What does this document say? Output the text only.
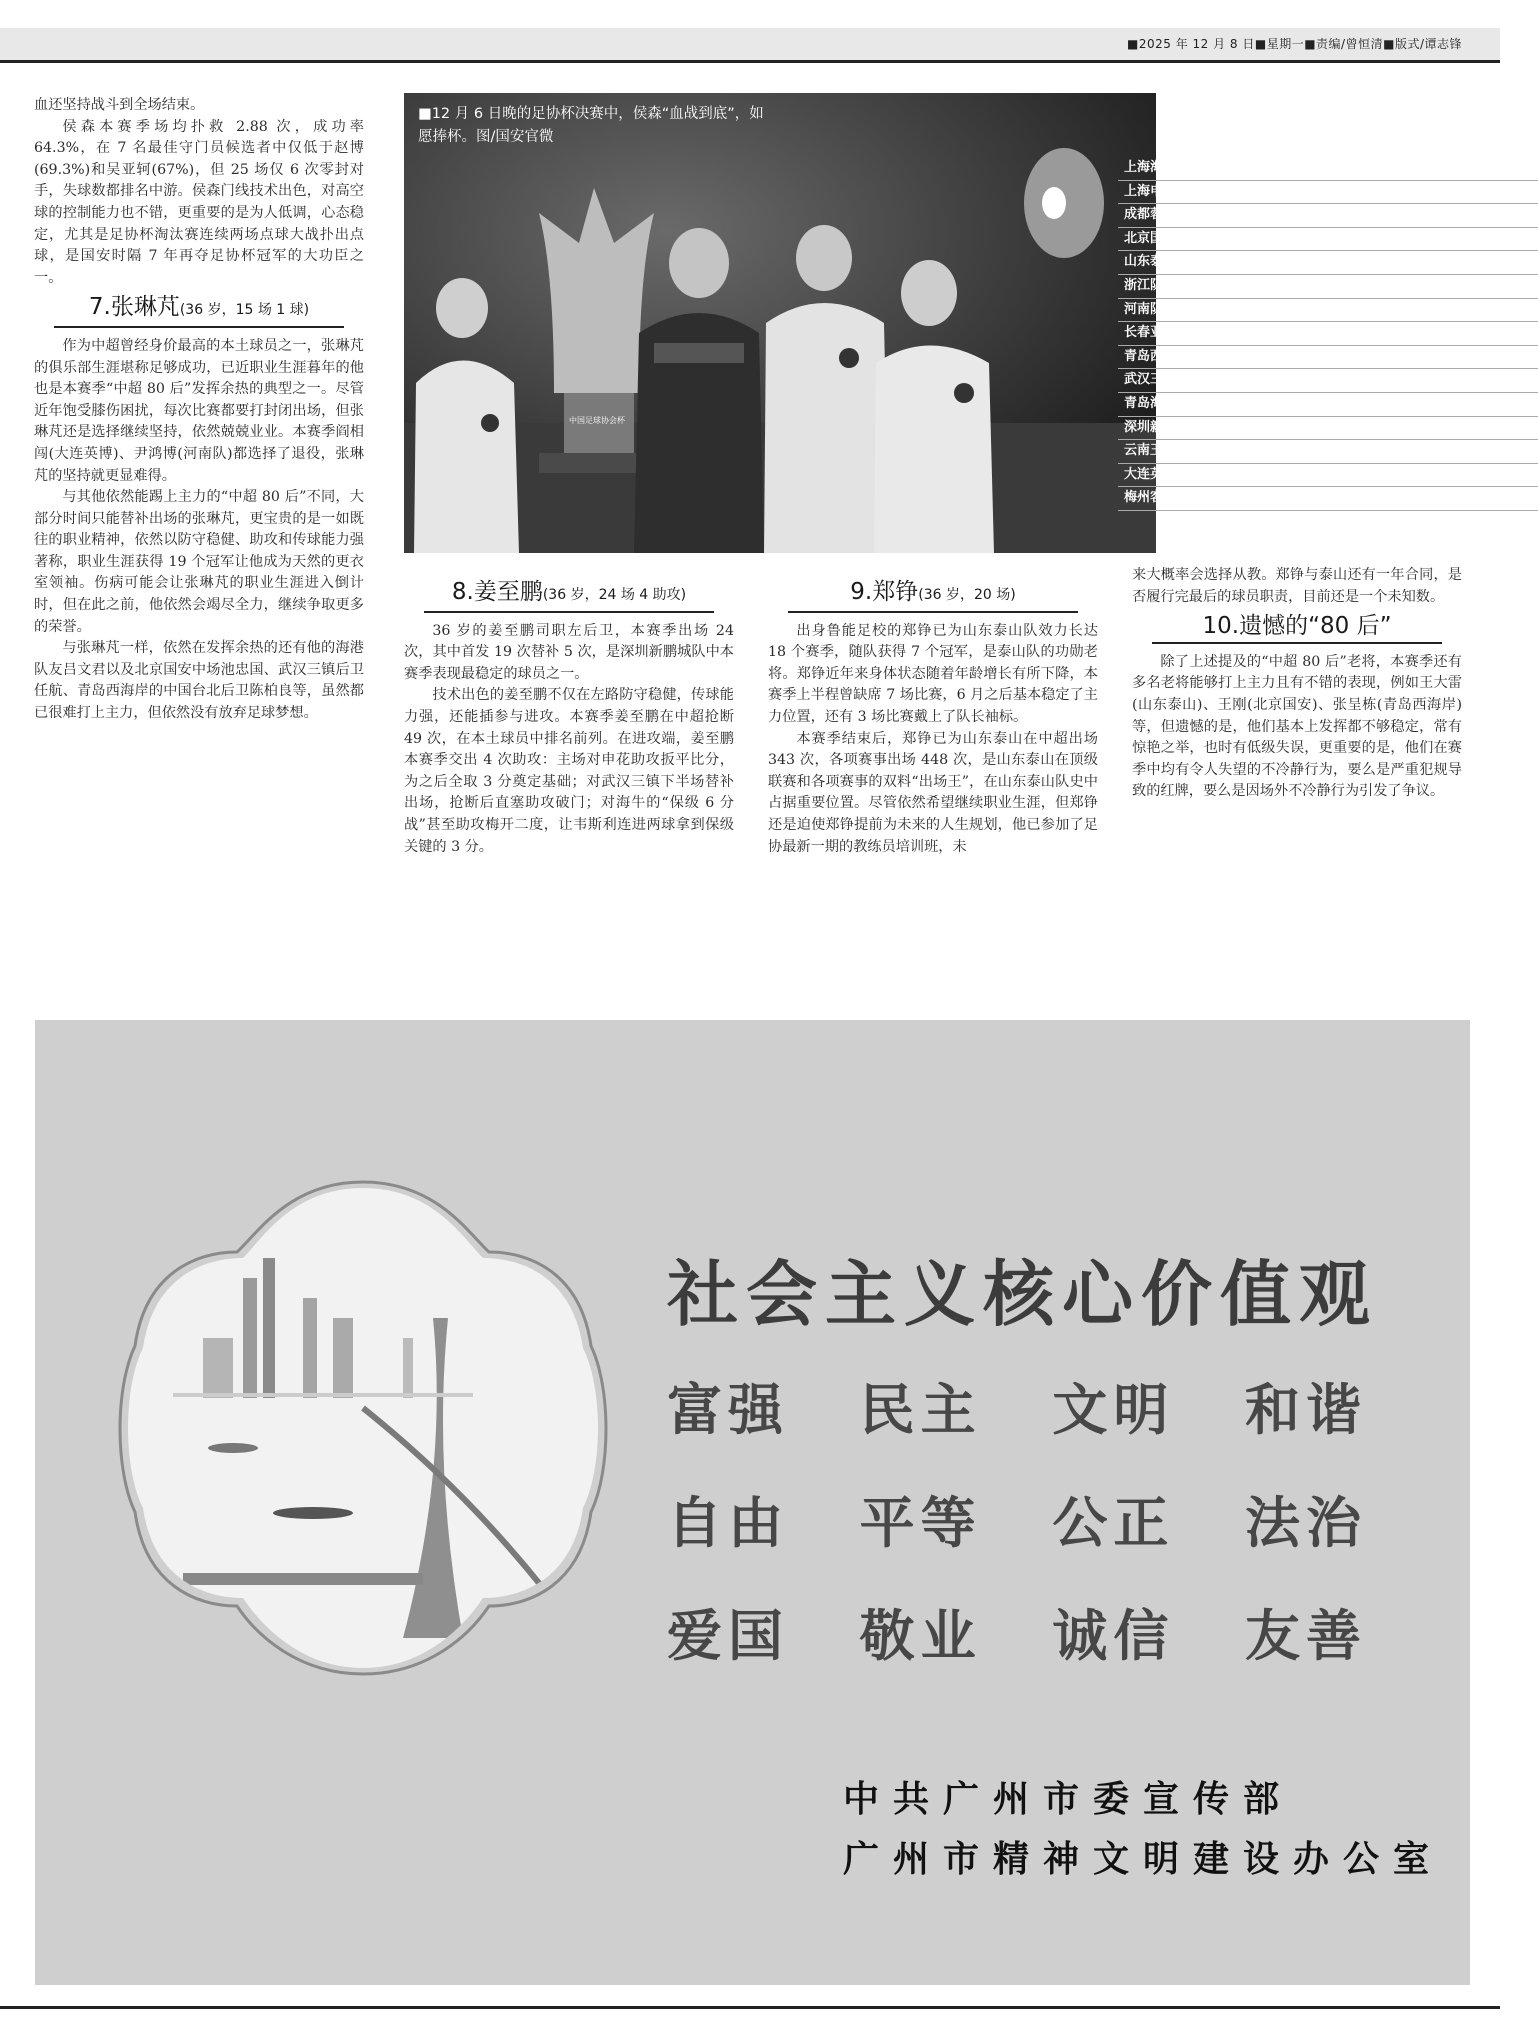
■2025 年 12 月 8 日■星期一■责编/曾恒清■版式/谭志锋

血还坚持战斗到全场结束。

侯森本赛季场均扑救 2.88 次，成功率 64.3%，在 7 名最佳守门员候选者中仅低于赵博(69.3%)和吴亚轲(67%)，但 25 场仅 6 次零封对手，失球数都排名中游。侯森门线技术出色，对高空球的控制能力也不错，更重要的是为人低调，心态稳定，尤其是足协杯淘汰赛连续两场点球大战扑出点球，是国安时隔 7 年再夺足协杯冠军的大功臣之一。

7.张琳芃(36 岁，15 场 1 球)

作为中超曾经身价最高的本土球员之一，张琳芃的俱乐部生涯堪称足够成功，已近职业生涯暮年的他也是本赛季“中超 80 后”发挥余热的典型之一。尽管近年饱受膝伤困扰，每次比赛都要打封闭出场，但张琳芃还是选择继续坚持，依然兢兢业业。本赛季阎相闯(大连英博)、尹鸿博(河南队)都选择了退役，张琳芃的坚持就更显难得。

与其他依然能踢上主力的“中超 80 后”不同，大部分时间只能替补出场的张琳芃，更宝贵的是一如既往的职业精神，依然以防守稳健、助攻和传球能力强著称，职业生涯获得 19 个冠军让他成为天然的更衣室领袖。伤病可能会让张琳芃的职业生涯进入倒计时，但在此之前，他依然会竭尽全力，继续争取更多的荣誉。

与张琳芃一样，依然在发挥余热的还有他的海港队友吕文君以及北京国安中场池忠国、武汉三镇后卫任航、青岛西海岸的中国台北后卫陈柏良等，虽然都已很难打上主力，但依然没有放弃足球梦想。

中国足球协会杯
■12 月 6 日晚的足协杯决赛中，侯森“血战到底”，如愿捧杯。图/国安官微
2025 赛季“中超 80 后”名录
(姓名后为年龄)
上海海港：王燊超，36；张琳芃，36；吕文君，36
上海申花：吴曦，36；于汉超，38
成都蓉城：冯卓毅，36
北京国安：池忠国，36；侯森，36；王刚，36
山东泰山：郑铮，36；张弛，38；王大雷，36
浙江队：李提香，36
河南队：尹鸿博，36
长春亚泰：谭龙，37
青岛西海岸：赵宏略，36；陈柏良，37；张呈栋，36
武汉三镇：邵镁亮，36；任航，36
青岛海牛：宋龙，36；郑龙，37，牟鹏飞，36
深圳新鹏城：姜至鹏，36；
云南玉昆：耿晓峰，38
大连英博：隋维杰，42；吕鹏，36；阎相闯，39
梅州客家：饶伟辉，36
注：蓉城冯卓毅、泰山张弛夏窗已租借离队。
8.姜至鹏(36 岁，24 场 4 助攻)

36 岁的姜至鹏司职左后卫，本赛季出场 24 次，其中首发 19 次替补 5 次，是深圳新鹏城队中本赛季表现最稳定的球员之一。

技术出色的姜至鹏不仅在左路防守稳健，传球能力强，还能插参与进攻。本赛季姜至鹏在中超抢断 49 次，在本土球员中排名前列。在进攻端，姜至鹏本赛季交出 4 次助攻：主场对申花助攻扳平比分，为之后全取 3 分奠定基础；对武汉三镇下半场替补出场，抢断后直塞助攻破门；对海牛的“保级 6 分战”甚至助攻梅开二度，让韦斯利连进两球拿到保级关键的 3 分。

9.郑铮(36 岁，20 场)

出身鲁能足校的郑铮已为山东泰山队效力长达 18 个赛季，随队获得 7 个冠军，是泰山队的功勋老将。郑铮近年来身体状态随着年龄增长有所下降，本赛季上半程曾缺席 7 场比赛，6 月之后基本稳定了主力位置，还有 3 场比赛戴上了队长袖标。

本赛季结束后，郑铮已为山东泰山在中超出场 343 次，各项赛事出场 448 次，是山东泰山在顶级联赛和各项赛事的双料“出场王”，在山东泰山队史中占据重要位置。尽管依然希望继续职业生涯，但郑铮还是迫使郑铮提前为未来的人生规划，他已参加了足协最新一期的教练员培训班，未

来大概率会选择从教。郑铮与泰山还有一年合同，是否履行完最后的球员职责，目前还是一个未知数。

10.遗憾的“80 后”

除了上述提及的“中超 80 后”老将，本赛季还有多名老将能够打上主力且有不错的表现，例如王大雷(山东泰山)、王刚(北京国安)、张呈栋(青岛西海岸)等，但遗憾的是，他们基本上发挥都不够稳定，常有惊艳之举，也时有低级失误，更重要的是，他们在赛季中均有令人失望的不冷静行为，要么是严重犯规导致的红牌，要么是因场外不冷静行为引发了争议。

社会主义核心价值观
富强 民主 文明 和谐
自由 平等 公正 法治
爱国 敬业 诚信 友善
中共广州市委宣传部
广州市精神文明建设办公室
